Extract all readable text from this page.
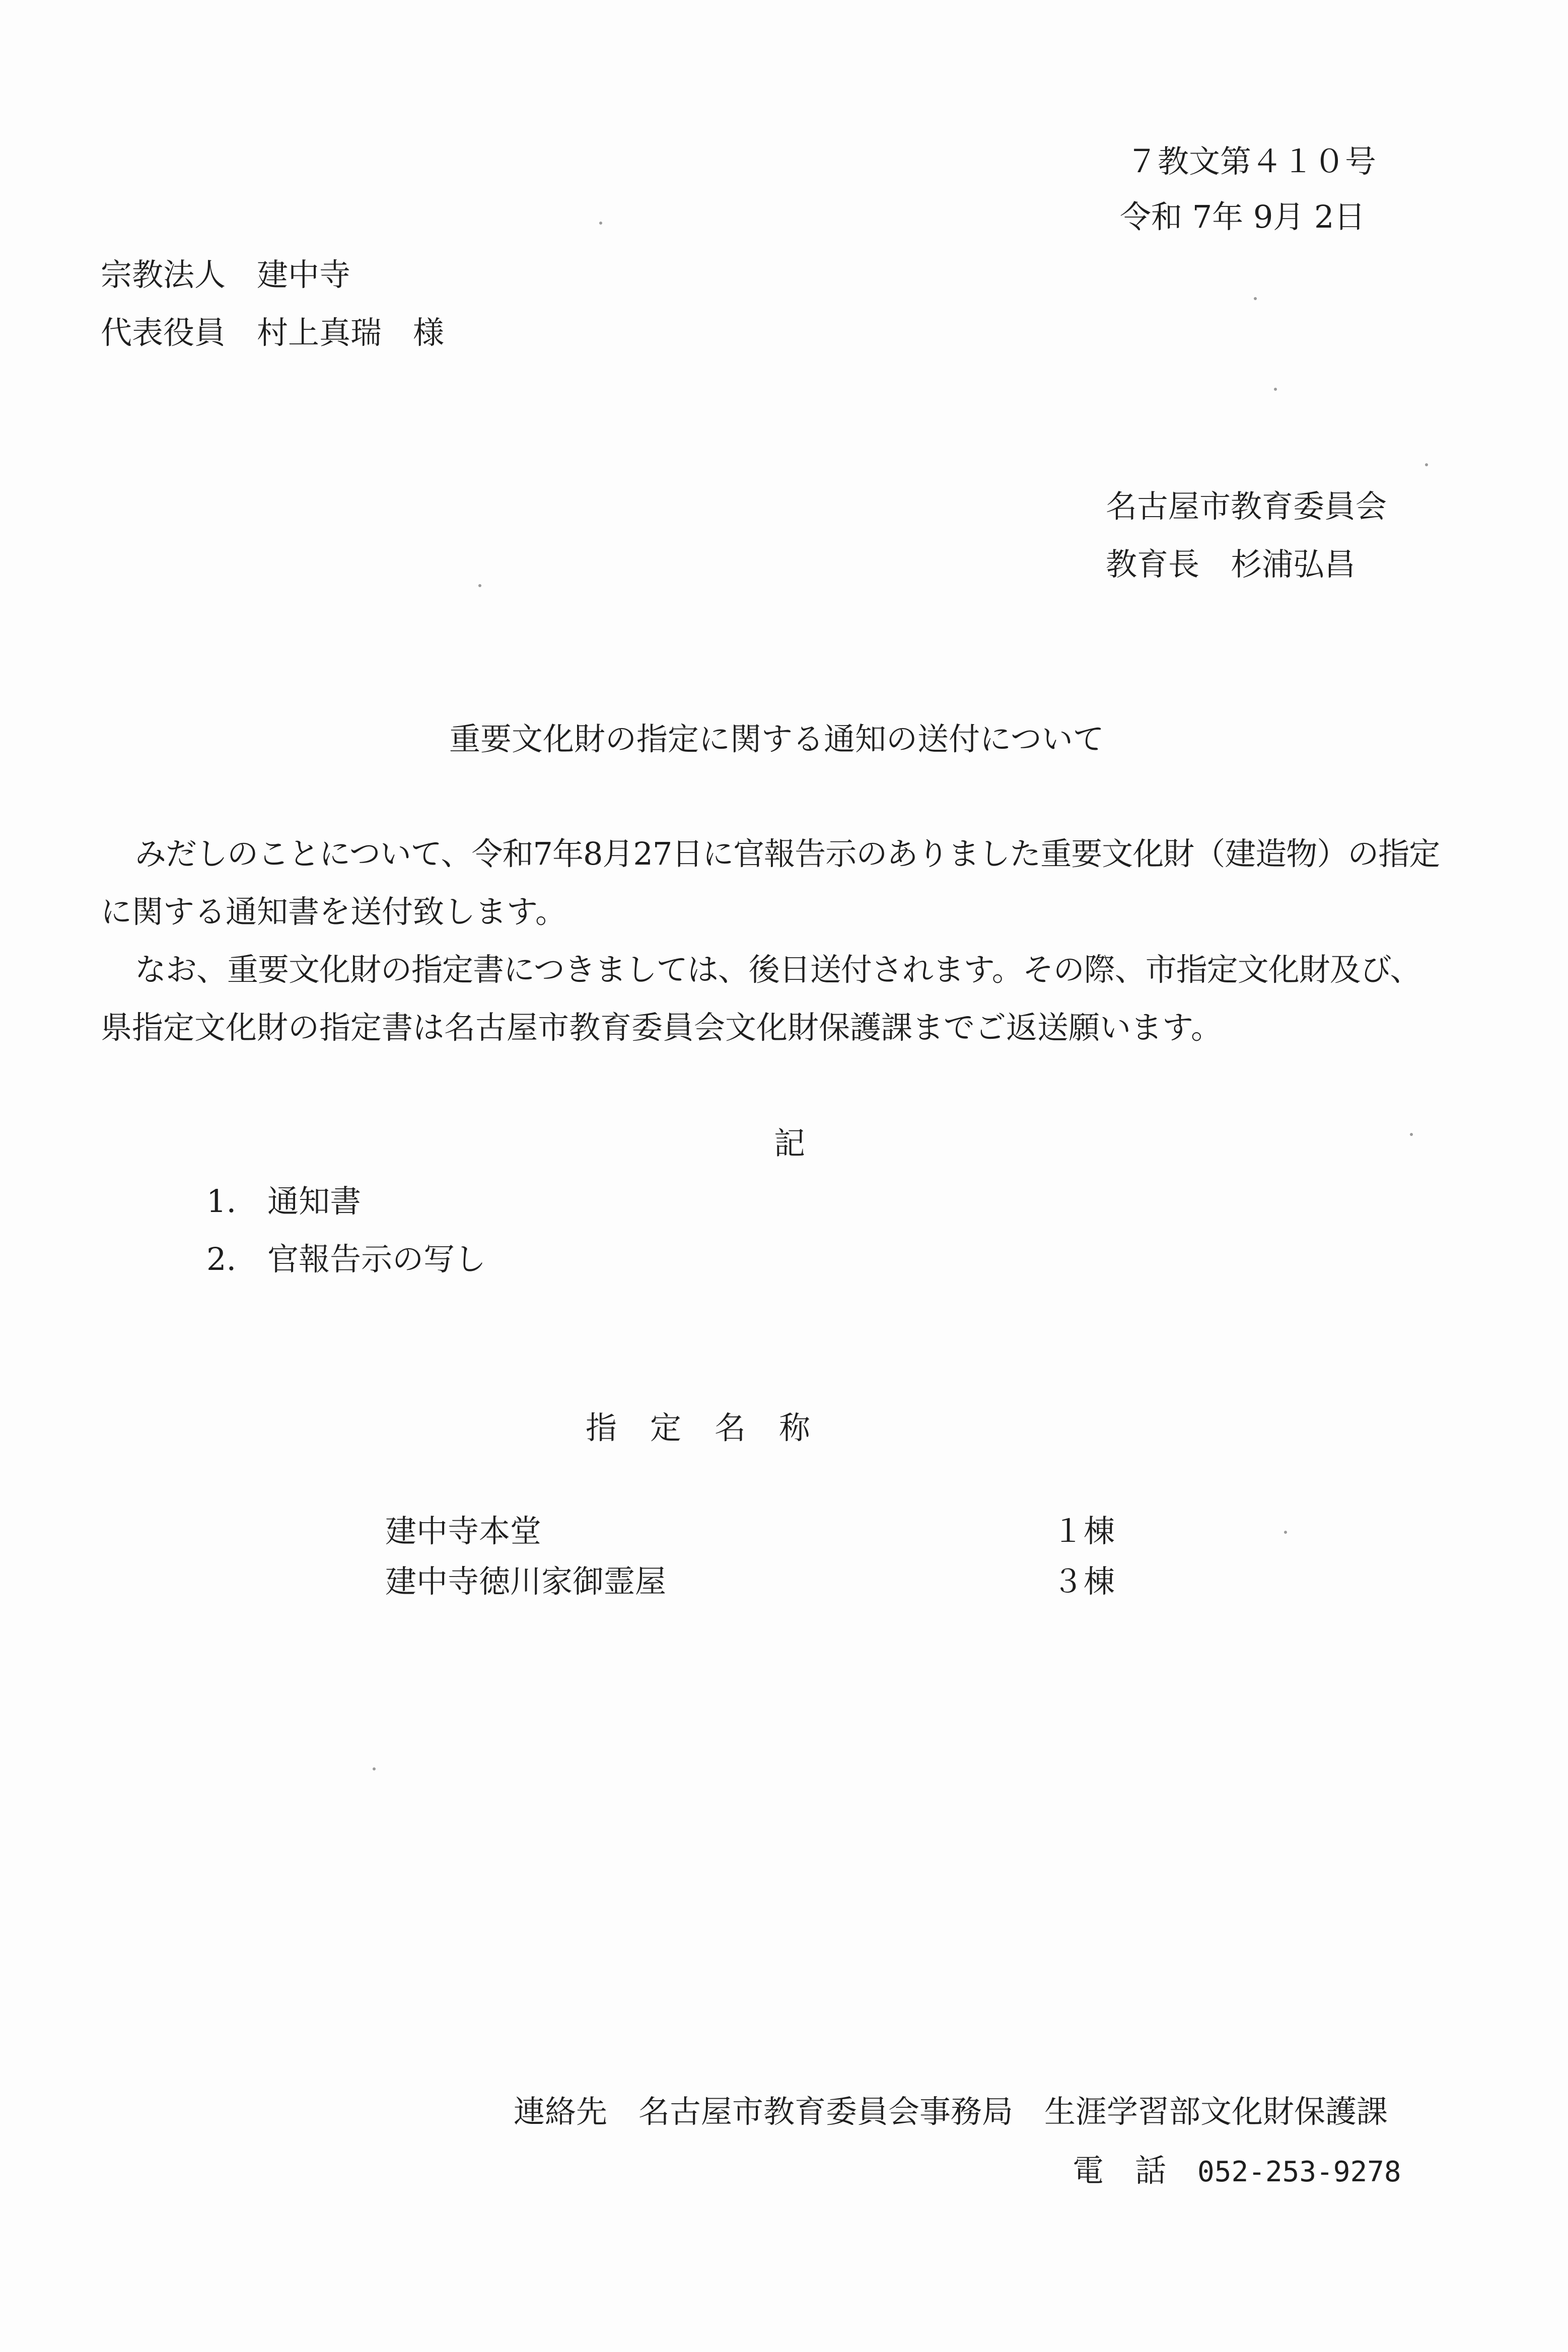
７教文第４１０号
令和 7年 9月 2日
宗教法人 建中寺
代表役員 村上真瑞 様
名古屋市教育委員会
教育長 杉浦弘昌
重要文化財の指定に関する通知の送付について
みだしのことについて、令和7年8月27日に官報告示のありました重要文化財（建造物）の指定
に関する通知書を送付致します。
なお、重要文化財の指定書につきましては、後日送付されます。その際、市指定文化財及び、
県指定文化財の指定書は名古屋市教育委員会文化財保護課までご返送願います。
記
1. 通知書
2. 官報告示の写し
指 定 名 称
建中寺本堂	１棟
建中寺徳川家御霊屋	３棟
連絡先 名古屋市教育委員会事務局 生涯学習部文化財保護課
電 話 052-253-9278
